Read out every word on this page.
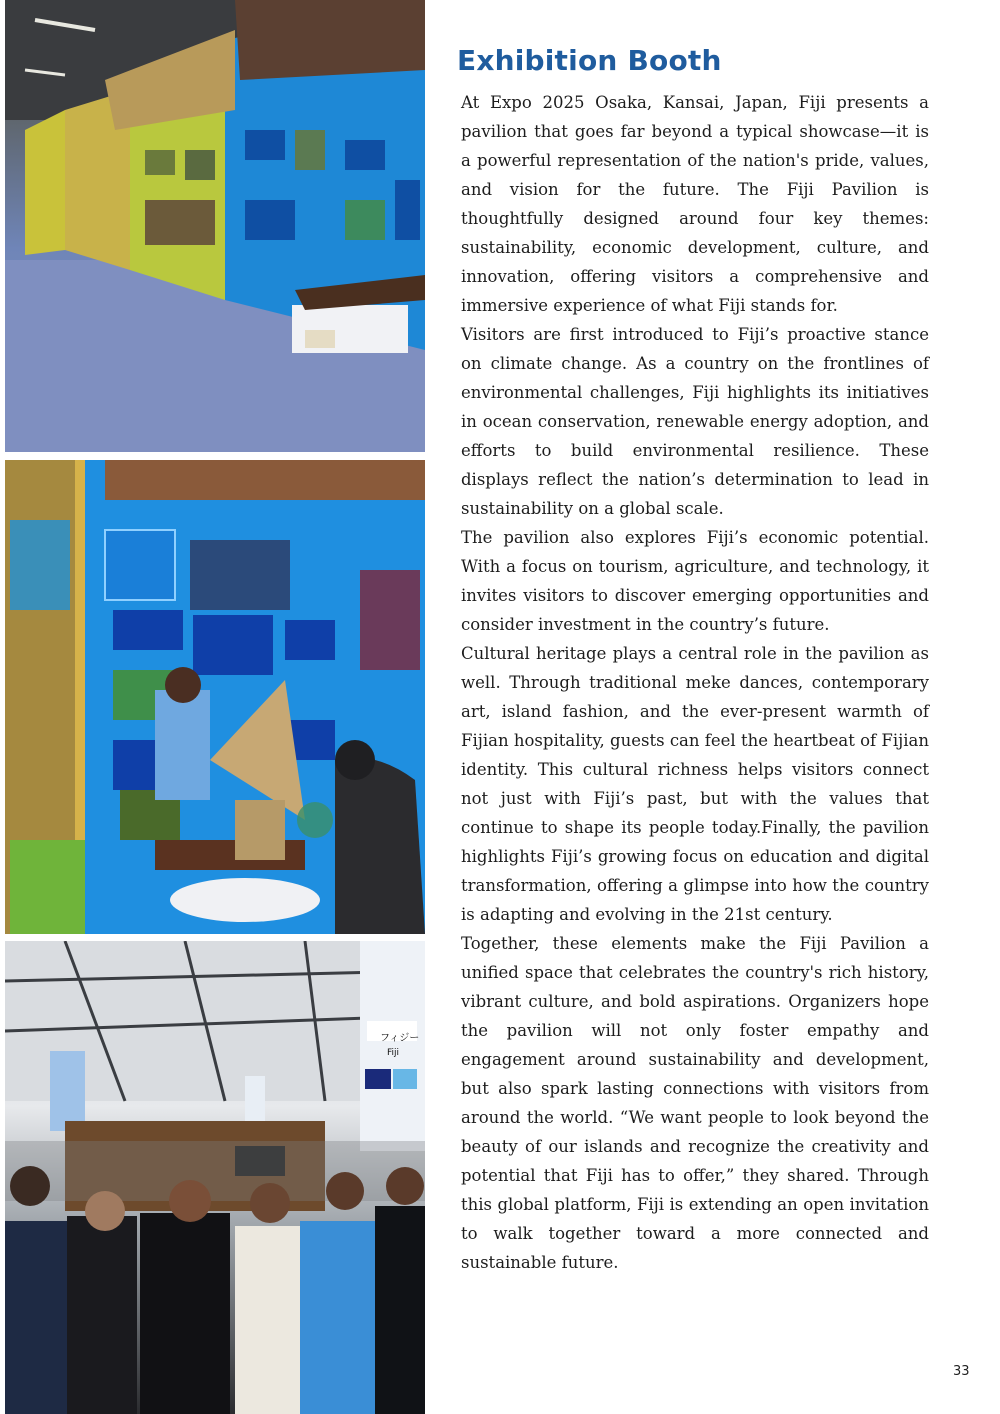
フィジー
Fiji
Exhibition Booth

At Expo 2025 Osaka, Kansai, Japan, Fiji presents a pavilion that goes far beyond a typical showcase—it is a powerful representation of the nation's pride, values, and vision for the future. The Fiji Pavilion is thoughtfully designed around four key themes: sustainability, economic development, culture, and innovation, offering visitors a comprehensive and immersive experience of what Fiji stands for.

Visitors are first introduced to Fiji’s proactive stance on climate change. As a country on the frontlines of environmental challenges, Fiji highlights its initiatives in ocean conservation, renewable energy adoption, and efforts to build environmental resilience. These displays reflect the nation’s determination to lead in sustainability on a global scale.

The pavilion also explores Fiji’s economic potential. With a focus on tourism, agriculture, and technology, it invites visitors to discover emerging opportunities and consider investment in the country’s future.

Cultural heritage plays a central role in the pavilion as well. Through traditional meke dances, contemporary art, island fashion, and the ever-present warmth of Fijian hospitality, guests can feel the heartbeat of Fijian identity. This cultural richness helps visitors connect not just with Fiji’s past, but with the values that continue to shape its people today.Finally, the pavilion highlights Fiji’s growing focus on education and digital transformation, offering a glimpse into how the country is adapting and evolving in the 21st century.

Together, these elements make the Fiji Pavilion a unified space that celebrates the country's rich history, vibrant culture, and bold aspirations. Organizers hope the pavilion will not only foster empathy and engagement around sustainability and development, but also spark lasting connections with visitors from around the world. “We want people to look beyond the beauty of our islands and recognize the creativity and potential that Fiji has to offer,” they shared. Through this global platform, Fiji is extending an open invitation to walk together toward a more connected and sustainable future.

33
